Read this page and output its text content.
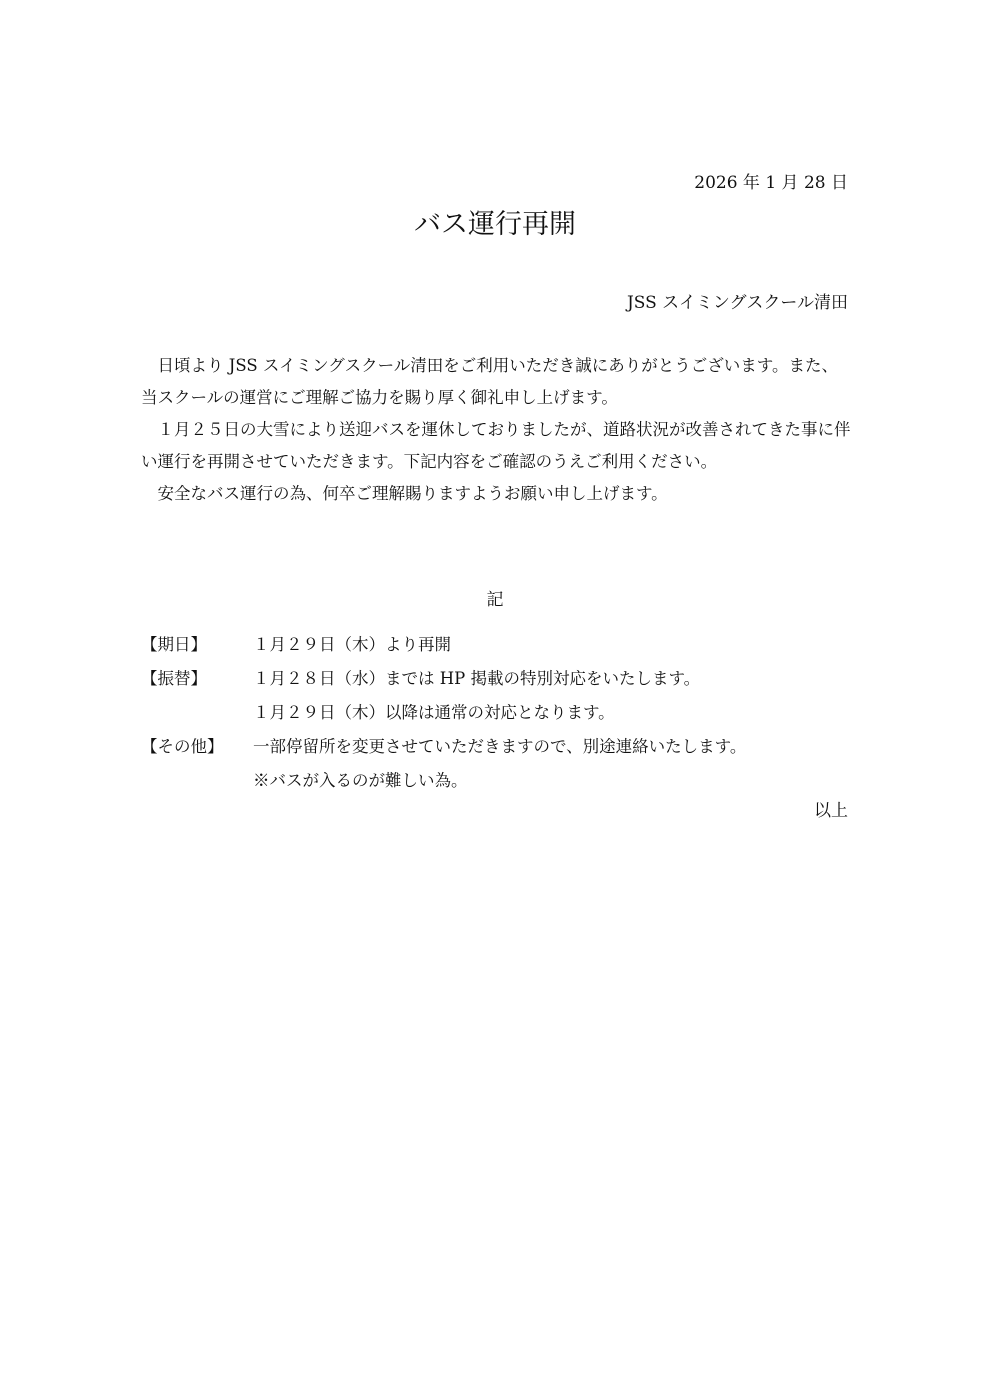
2026 年 1 月 28 日
バス運行再開
JSS スイミングスクール清田

日頃より JSS スイミングスクール清田をご利用いただき誠にありがとうございます。また、当スクールの運営にご理解ご協力を賜り厚く御礼申し上げます。

１月２５日の大雪により送迎バスを運休しておりましたが、道路状況が改善されてきた事に伴い運行を再開させていただきます。下記内容をご確認のうえご利用ください。

安全なバス運行の為、何卒ご理解賜りますようお願い申し上げます。

記
【期日】	１月２９日（木）より再開
【振替】	１月２８日（水）までは HP 掲載の特別対応をいたします。
１月２９日（木）以降は通常の対応となります。
【その他】	一部停留所を変更させていただきますので、別途連絡いたします。
※バスが入るのが難しい為。
以上
